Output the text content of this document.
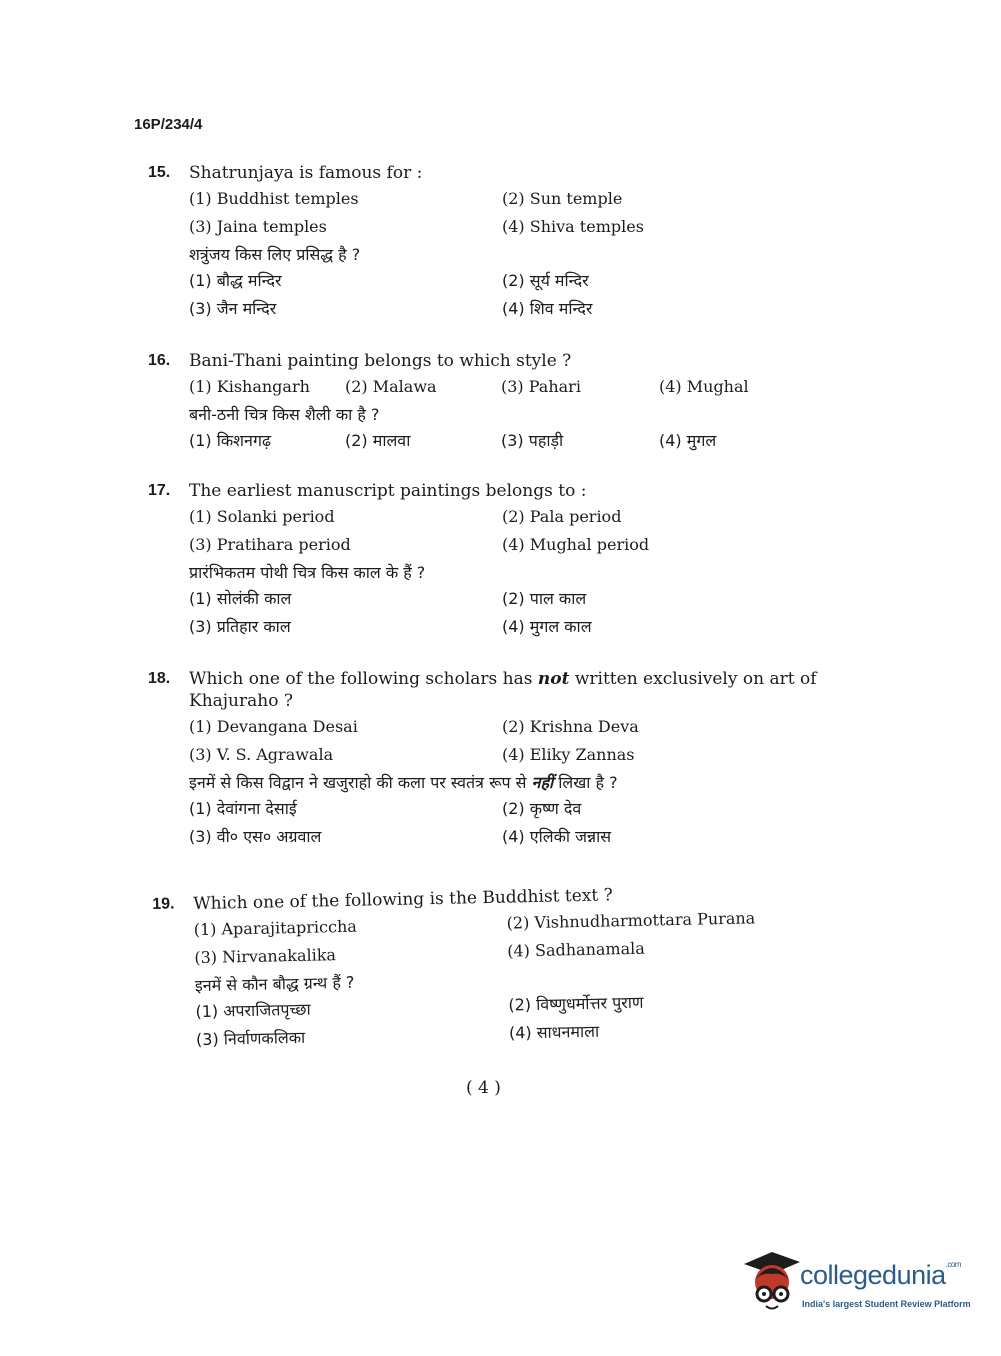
16P/234/4
15.	Shatrunjaya is famous for :
(1) Buddhist temples	(2) Sun temple
(3) Jaina temples	(4) Shiva temples
शत्रुंजय किस लिए प्रसिद्ध है ?
(1) बौद्ध मन्दिर	(2) सूर्य मन्दिर
(3) जैन मन्दिर	(4) शिव मन्दिर
16.	Bani-Thani painting belongs to which style ?
(1) Kishangarh	(2) Malawa	(3) Pahari	(4) Mughal
बनी-ठनी चित्र किस शैली का है ?
(1) किशनगढ़	(2) मालवा	(3) पहाड़ी	(4) मुगल
17.	The earliest manuscript paintings belongs to :
(1) Solanki period	(2) Pala period
(3) Pratihara period	(4) Mughal period
प्रारंभिकतम पोथी चित्र किस काल के हैं ?
(1) सोलंकी काल	(2) पाल काल
(3) प्रतिहार काल	(4) मुगल काल
18.	Which one of the following scholars has not written exclusively on art of Khajuraho ?
(1) Devangana Desai	(2) Krishna Deva
(3) V. S. Agrawala	(4) Eliky Zannas
इनमें से किस विद्वान ने खजुराहो की कला पर स्वतंत्र रूप से नहीं लिखा है ?
(1) देवांगना देसाई	(2) कृष्ण देव
(3) वी० एस० अग्रवाल	(4) एलिकी जन्नास
19.	Which one of the following is the Buddhist text ?
(1) Aparajitapriccha	(2) Vishnudharmottara Purana
(3) Nirvanakalika	(4) Sadhanamala
इनमें से कौन बौद्ध ग्रन्थ हैं ?
(1) अपराजितपृच्छा	(2) विष्णुधर्मोत्तर पुराण
(3) निर्वाणकलिका	(4) साधनमाला
( 4 )
collegedunia$^{.com}$
India's largest Student Review Platform
